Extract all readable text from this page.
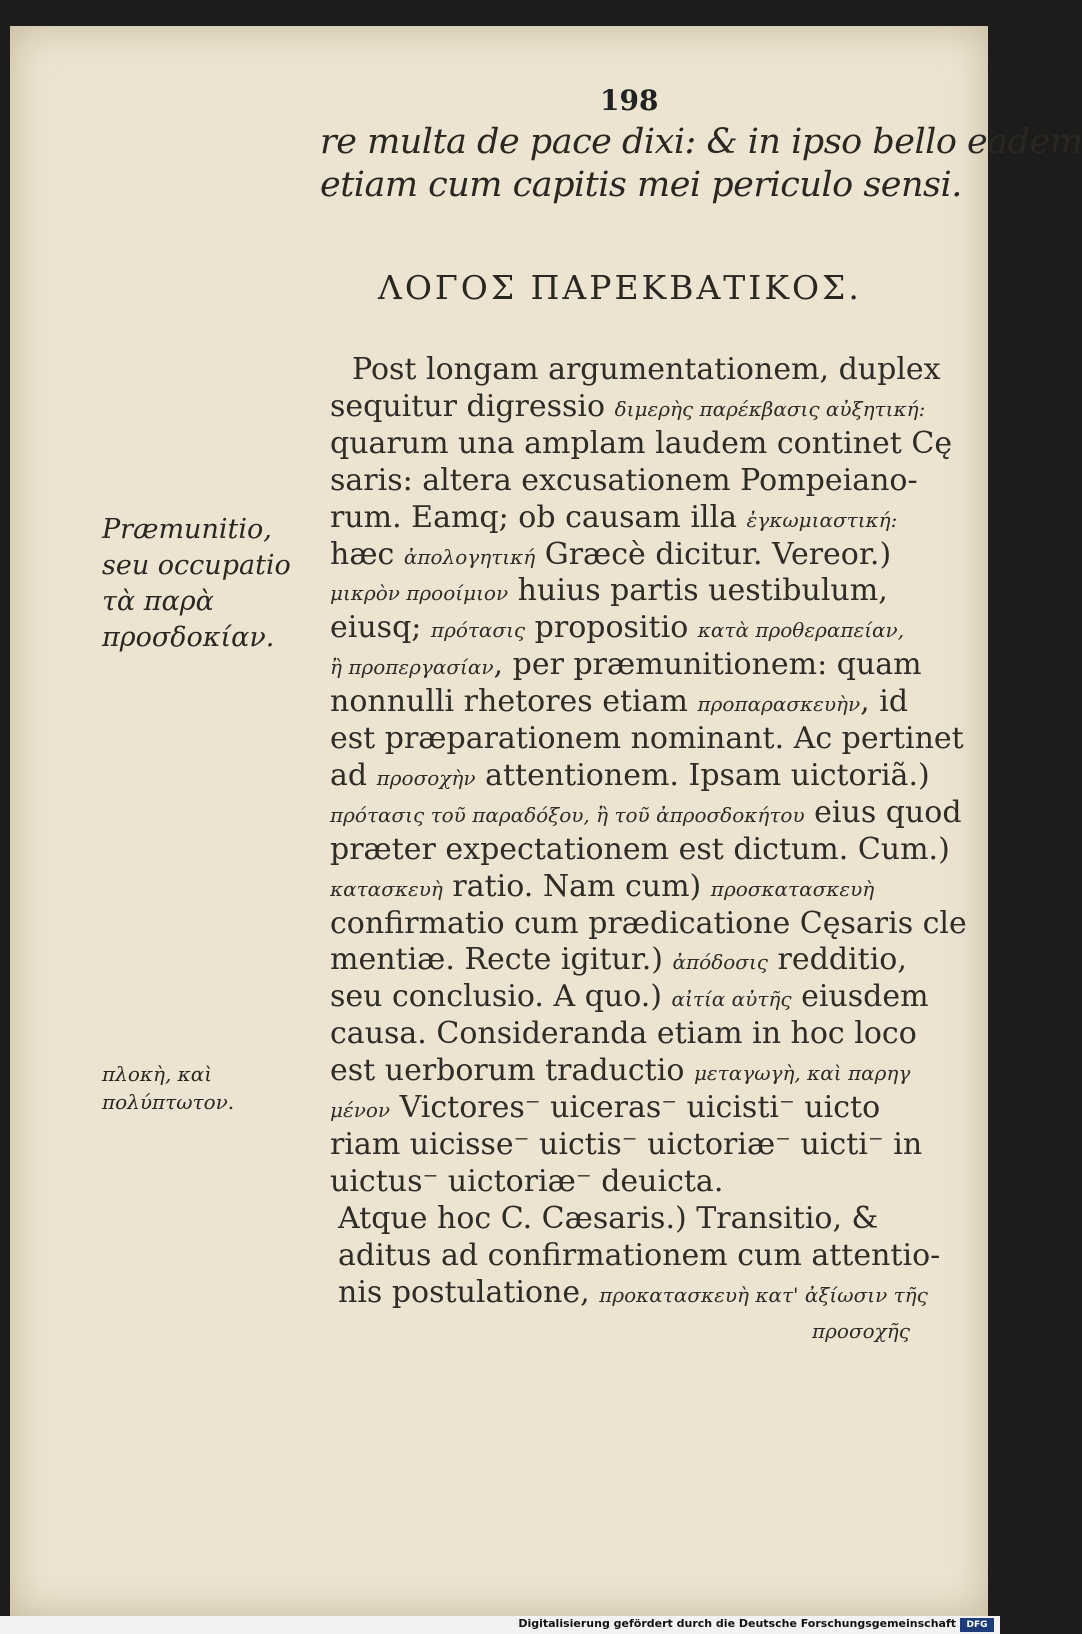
198
re multa de pace dixi: & in ipso bello eadem
etiam cum capitis mei periculo sensi.
ΛΟΓΟΣ ΠΑΡΕΚΒΑΤΙΚΟΣ.
Post longam argumentationem, duplex
sequitur digressio διμερὴς παρέκβασις αὐξητική:
quarum una amplam laudem continet Cę
saris: altera excusationem Pompeiano-
rum. Eamq; ob causam illa ἐγκωμιαστική:
hæc ἀπολογητική Græcè dicitur. Vereor.)
μικρὸν προοίμιον huius partis uestibulum,
eiusq; πρότασις propositio κατὰ προθεραπείαν,
ἢ προπεργασίαν, per præmunitionem: quam
nonnulli rhetores etiam προπαρασκευὴν, id
est præparationem nominant. Ac pertinet
ad προσοχὴν attentionem. Ipsam uictoriã.)
πρότασις τοῦ παραδόξου, ἢ τοῦ ἀπροσδοκήτου eius quod
præter expectationem est dictum. Cum.)
κατασκευὴ ratio. Nam cum) προσκατασκευὴ
confirmatio cum prædicatione Cęsaris cle
mentiæ. Recte igitur.) ἀπόδοσις redditio,
seu conclusio. A quo.) αἰτία αὐτῆς eiusdem
causa. Consideranda etiam in hoc loco
est uerborum traductio μεταγωγὴ, καὶ παρηγ
μένον Victores⁻ uiceras⁻ uicisti⁻ uicto
riam uicisse⁻ uictis⁻ uictoriæ⁻ uicti⁻ in
uictus⁻ uictoriæ⁻ deuicta.
Atque hoc C. Cæsaris.) Transitio, &
aditus ad confirmationem cum attentio-
nis postulatione, προκατασκευὴ κατ' ἀξίωσιν τῆς
προσοχῆς
Præmunitio, seu occupatio τὰ παρὰ προσδοκίαν.
πλοκὴ, καὶ πολύπτωτον.
Digitalisierung gefördert durch die Deutsche Forschungsgemeinschaft	DFG
